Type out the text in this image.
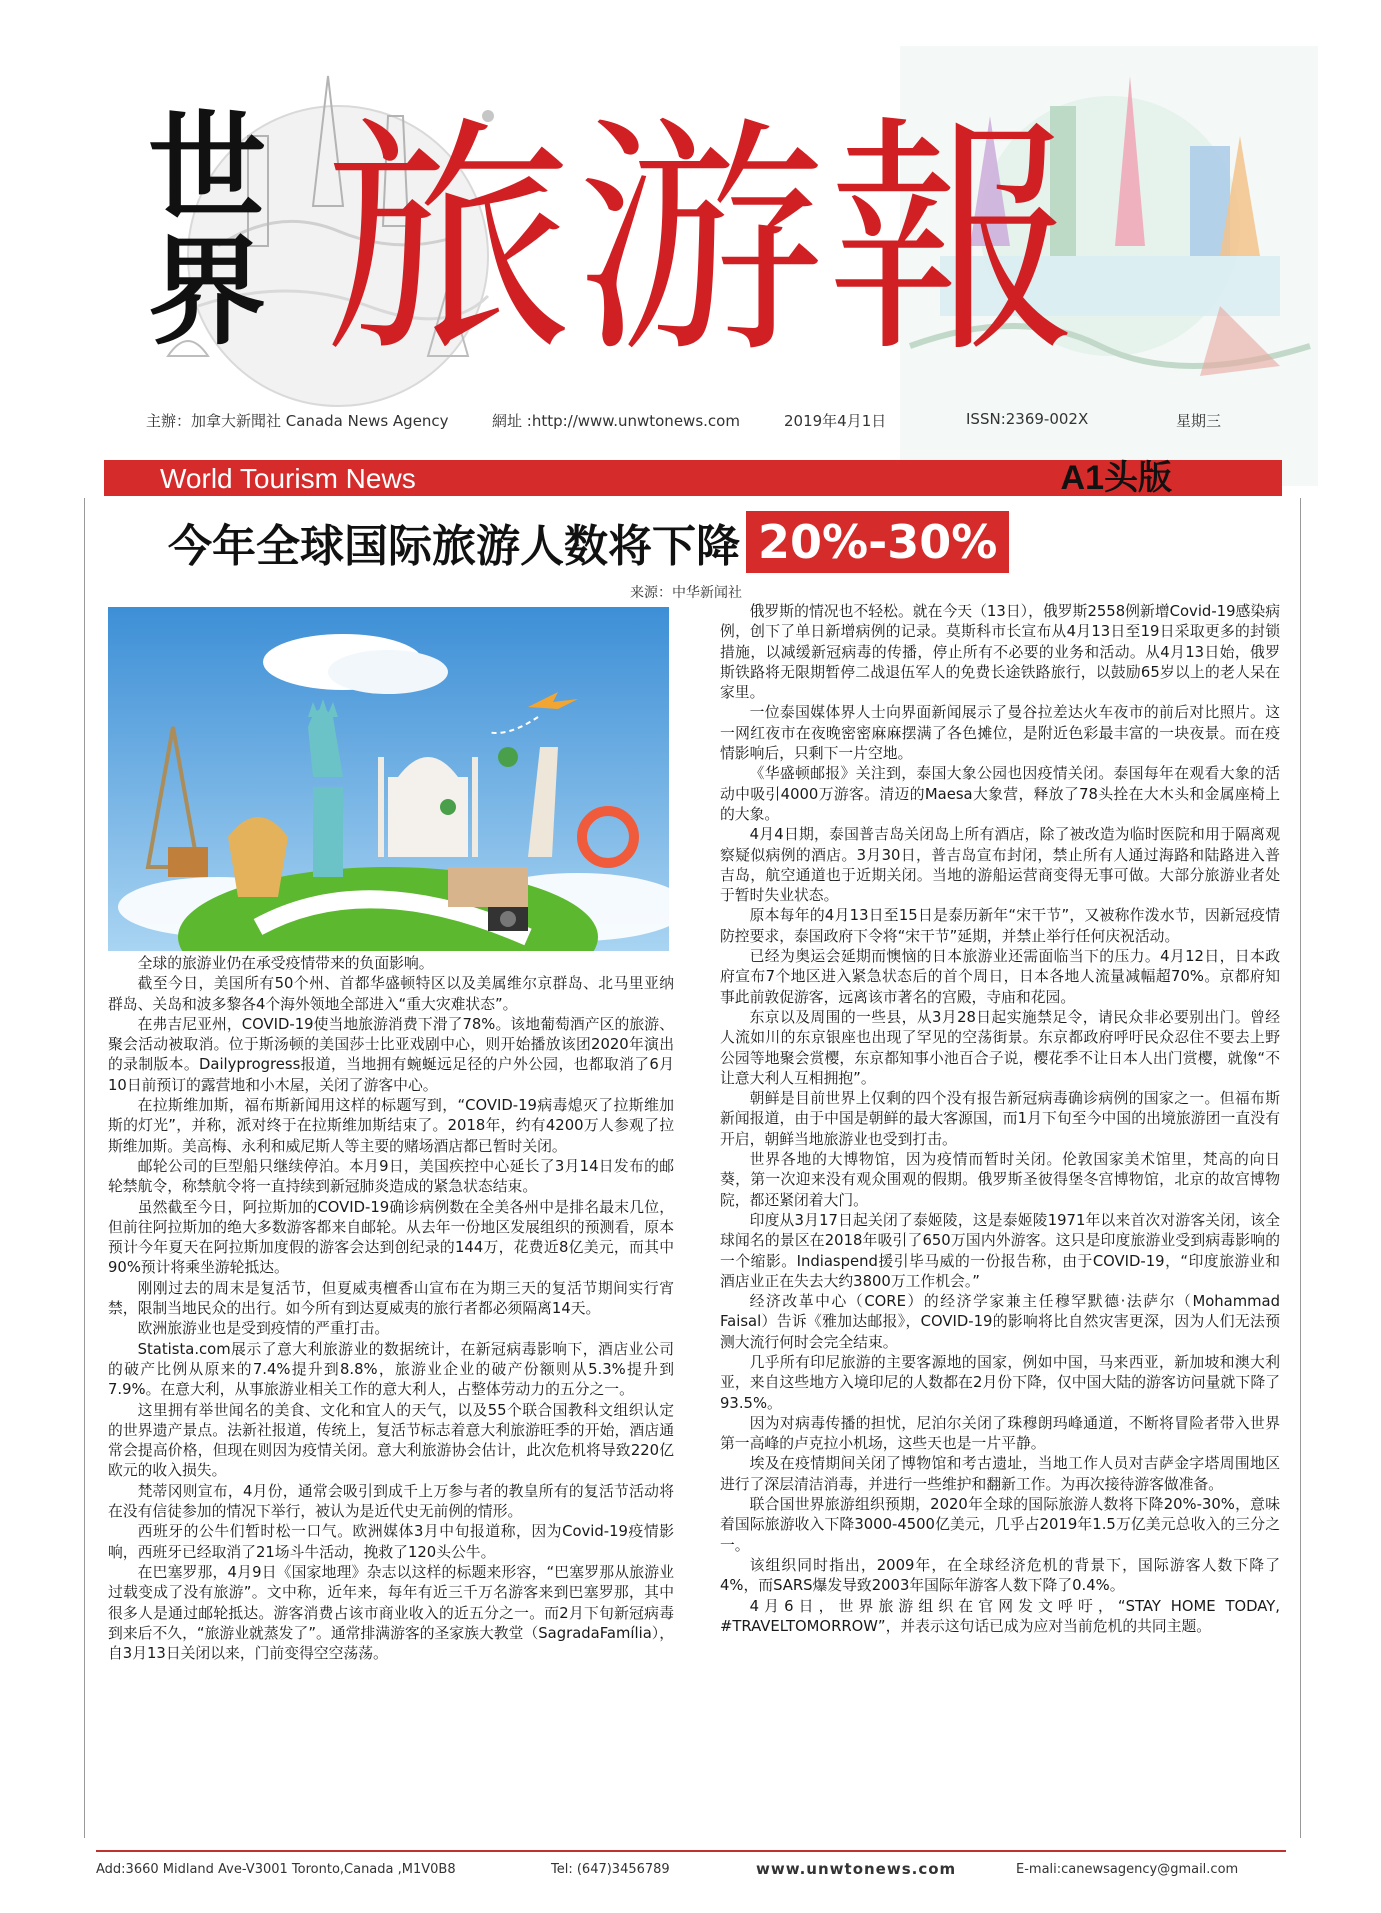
世
界 旅游報
主辦：加拿大新聞社 Canada News Agency	網址 :http://www.unwtonews.com	2019年4月1日	ISSN:2369-002X	星期三
World Tourism News	A1头版
今年全球国际旅游人数将下降 20%-30%
来源：中华新闻社

全球的旅游业仍在承受疫情带来的负面影响。

截至今日，美国所有50个州、首都华盛顿特区以及美属维尔京群岛、北马里亚纳群岛、关岛和波多黎各4个海外领地全部进入“重大灾难状态”。

在弗吉尼亚州，COVID-19使当地旅游消费下滑了78%。该地葡萄酒产区的旅游、聚会活动被取消。位于斯汤顿的美国莎士比亚戏剧中心，则开始播放该团2020年演出的录制版本。Dailyprogress报道，当地拥有蜿蜒远足径的户外公园，也都取消了6月10日前预订的露营地和小木屋，关闭了游客中心。

在拉斯维加斯，福布斯新闻用这样的标题写到，“COVID-19病毒熄灭了拉斯维加斯的灯光”，并称，派对终于在拉斯维加斯结束了。2018年，约有4200万人参观了拉斯维加斯。美高梅、永利和威尼斯人等主要的赌场酒店都已暂时关闭。

邮轮公司的巨型船只继续停泊。本月9日，美国疾控中心延长了3月14日发布的邮轮禁航令，称禁航令将一直持续到新冠肺炎造成的紧急状态结束。

虽然截至今日，阿拉斯加的COVID-19确诊病例数在全美各州中是排名最末几位，但前往阿拉斯加的绝大多数游客都来自邮轮。从去年一份地区发展组织的预测看，原本预计今年夏天在阿拉斯加度假的游客会达到创纪录的144万，花费近8亿美元，而其中90%预计将乘坐游轮抵达。

刚刚过去的周末是复活节，但夏威夷檀香山宣布在为期三天的复活节期间实行宵禁，限制当地民众的出行。如今所有到达夏威夷的旅行者都必须隔离14天。

欧洲旅游业也是受到疫情的严重打击。

Statista.com展示了意大利旅游业的数据统计，在新冠病毒影响下，酒店业公司的破产比例从原来的7.4%提升到8.8%，旅游业企业的破产份额则从5.3%提升到7.9%。在意大利，从事旅游业相关工作的意大利人，占整体劳动力的五分之一。

这里拥有举世闻名的美食、文化和宜人的天气，以及55个联合国教科文组织认定的世界遗产景点。法新社报道，传统上，复活节标志着意大利旅游旺季的开始，酒店通常会提高价格，但现在则因为疫情关闭。意大利旅游协会估计，此次危机将导致220亿欧元的收入损失。

梵蒂冈则宣布，4月份，通常会吸引到成千上万参与者的教皇所有的复活节活动将在没有信徒参加的情况下举行，被认为是近代史无前例的情形。

西班牙的公牛们暂时松一口气。欧洲媒体3月中旬报道称，因为Covid-19疫情影响，西班牙已经取消了21场斗牛活动，挽救了120头公牛。

在巴塞罗那，4月9日《国家地理》杂志以这样的标题来形容，“巴塞罗那从旅游业过载变成了没有旅游”。文中称，近年来，每年有近三千万名游客来到巴塞罗那，其中很多人是通过邮轮抵达。游客消费占该市商业收入的近五分之一。而2月下旬新冠病毒到来后不久，“旅游业就蒸发了”。通常排满游客的圣家族大教堂（SagradaFamília），自3月13日关闭以来，门前变得空空荡荡。

俄罗斯的情况也不轻松。就在今天（13日），俄罗斯2558例新增Covid-19感染病例，创下了单日新增病例的记录。莫斯科市长宣布从4月13日至19日采取更多的封锁措施，以减缓新冠病毒的传播，停止所有不必要的业务和活动。从4月13日始，俄罗斯铁路将无限期暂停二战退伍军人的免费长途铁路旅行，以鼓励65岁以上的老人呆在家里。

一位泰国媒体界人士向界面新闻展示了曼谷拉差达火车夜市的前后对比照片。这一网红夜市在夜晚密密麻麻摆满了各色摊位，是附近色彩最丰富的一块夜景。而在疫情影响后，只剩下一片空地。

《华盛顿邮报》关注到，泰国大象公园也因疫情关闭。泰国每年在观看大象的活动中吸引4000万游客。清迈的Maesa大象营，释放了78头拴在大木头和金属座椅上的大象。

4月4日期，泰国普吉岛关闭岛上所有酒店，除了被改造为临时医院和用于隔离观察疑似病例的酒店。3月30日，普吉岛宣布封闭，禁止所有人通过海路和陆路进入普吉岛，航空通道也于近期关闭。当地的游船运营商变得无事可做。大部分旅游业者处于暂时失业状态。

原本每年的4月13日至15日是泰历新年“宋干节”，又被称作泼水节，因新冠疫情防控要求，泰国政府下令将“宋干节”延期，并禁止举行任何庆祝活动。

已经为奥运会延期而懊恼的日本旅游业还需面临当下的压力。4月12日，日本政府宣布7个地区进入紧急状态后的首个周日，日本各地人流量减幅超70%。京都府知事此前敦促游客，远离该市著名的宫殿，寺庙和花园。

东京以及周围的一些县，从3月28日起实施禁足令，请民众非必要别出门。曾经人流如川的东京银座也出现了罕见的空荡街景。东京都政府呼吁民众忍住不要去上野公园等地聚会赏樱，东京都知事小池百合子说，樱花季不让日本人出门赏樱，就像“不让意大利人互相拥抱”。

朝鲜是目前世界上仅剩的四个没有报告新冠病毒确诊病例的国家之一。但福布斯新闻报道，由于中国是朝鲜的最大客源国，而1月下旬至今中国的出境旅游团一直没有开启，朝鲜当地旅游业也受到打击。

世界各地的大博物馆，因为疫情而暂时关闭。伦敦国家美术馆里，梵高的向日葵，第一次迎来没有观众围观的假期。俄罗斯圣彼得堡冬宫博物馆，北京的故宫博物院，都还紧闭着大门。

印度从3月17日起关闭了泰姬陵，这是泰姬陵1971年以来首次对游客关闭，该全球闻名的景区在2018年吸引了650万国内外游客。这只是印度旅游业受到病毒影响的一个缩影。Indiaspend援引毕马威的一份报告称，由于COVID-19，“印度旅游业和酒店业正在失去大约3800万工作机会。”

经济改革中心（CORE）的经济学家兼主任穆罕默德·法萨尔（Mohammad Faisal）告诉《雅加达邮报》，COVID-19的影响将比自然灾害更深，因为人们无法预测大流行何时会完全结束。

几乎所有印尼旅游的主要客源地的国家，例如中国，马来西亚，新加坡和澳大利亚，来自这些地方入境印尼的人数都在2月份下降，仅中国大陆的游客访问量就下降了93.5%。

因为对病毒传播的担忧，尼泊尔关闭了珠穆朗玛峰通道，不断将冒险者带入世界第一高峰的卢克拉小机场，这些天也是一片平静。

埃及在疫情期间关闭了博物馆和考古遗址，当地工作人员对吉萨金字塔周围地区进行了深层清洁消毒，并进行一些维护和翻新工作。为再次接待游客做准备。

联合国世界旅游组织预期，2020年全球的国际旅游人数将下降20%-30%，意味着国际旅游收入下降3000-4500亿美元，几乎占2019年1.5万亿美元总收入的三分之一。

该组织同时指出，2009年，在全球经济危机的背景下，国际游客人数下降了4%，而SARS爆发导致2003年国际年游客人数下降了0.4%。

4月6日，世界旅游组织在官网发文呼吁，“STAY HOME TODAY, #TRAVELTOMORROW”，并表示这句话已成为应对当前危机的共同主题。

Add:3660 Midland Ave-V3001 Toronto,Canada ,M1V0B8	Tel: (647)3456789	www.unwtonews.com	E-mali:canewsagency@gmail.com
